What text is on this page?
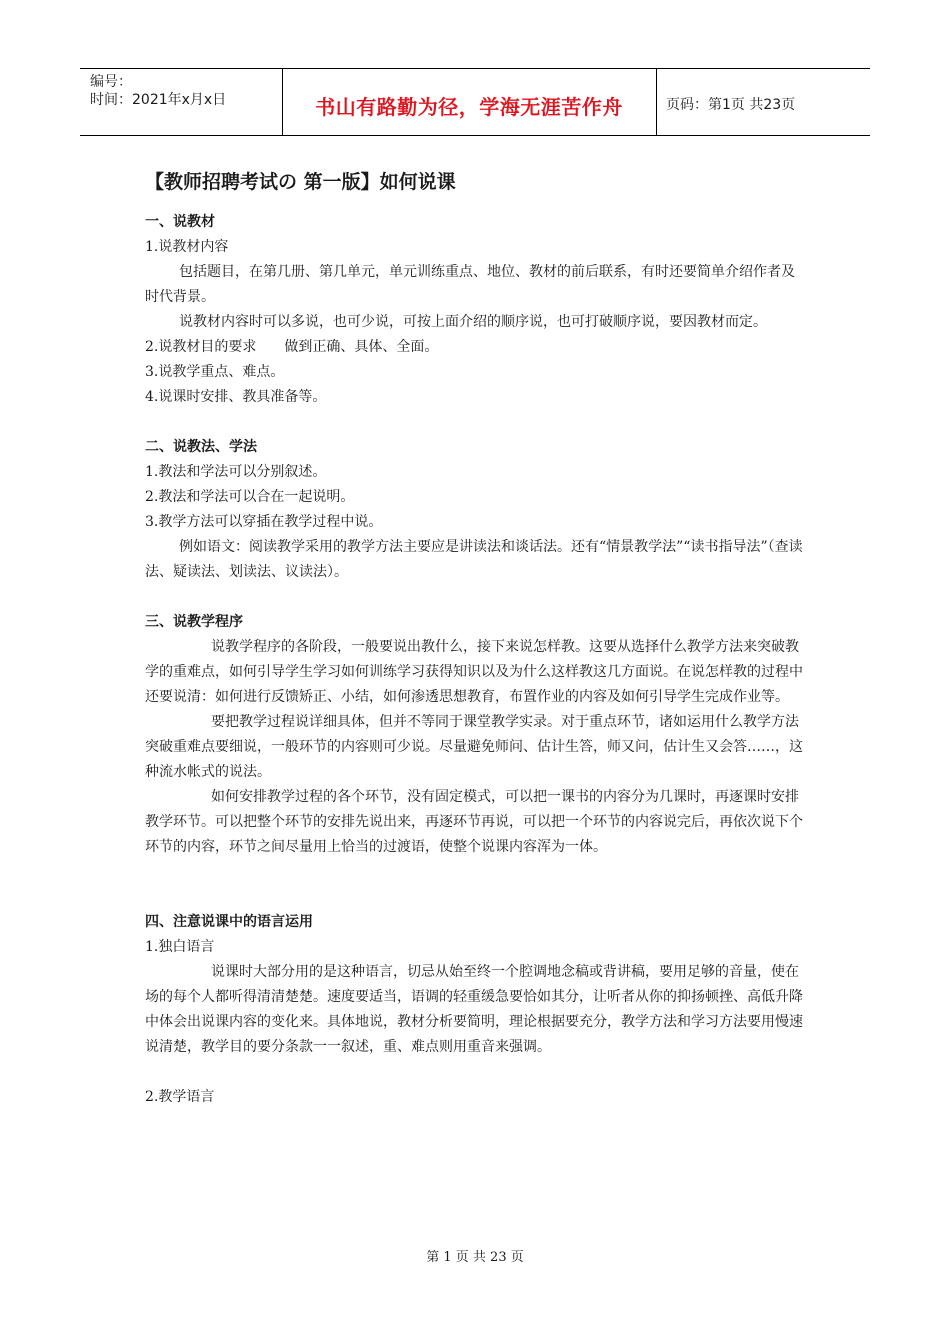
编号：
时间：2021年x月x日	书山有路勤为径，学海无涯苦作舟	页码：第1页 共23页
【教师招聘考试の 第一版】如何说课
一、说教材
1.说教材内容
包括题目，在第几册、第几单元，单元训练重点、地位、教材的前后联系，有时还要简单介绍作者及时代背景。
说教材内容时可以多说，也可少说，可按上面介绍的顺序说，也可打破顺序说，要因教材而定。
2.说教材目的要求　　做到正确、具体、全面。
3.说教学重点、难点。
4.说课时安排、教具准备等。
二、说教法、学法
1.教法和学法可以分别叙述。
2.教法和学法可以合在一起说明。
3.教学方法可以穿插在教学过程中说。
例如语文：阅读教学采用的教学方法主要应是讲读法和谈话法。还有“情景教学法”“读书指导法”（查读法、疑读法、划读法、议读法）。
三、说教学程序
说教学程序的各阶段，一般要说出教什么，接下来说怎样教。这要从选择什么教学方法来突破教学的重难点，如何引导学生学习如何训练学习获得知识以及为什么这样教这几方面说。在说怎样教的过程中还要说清：如何进行反馈矫正、小结，如何渗透思想教育，布置作业的内容及如何引导学生完成作业等。
要把教学过程说详细具体，但并不等同于课堂教学实录。对于重点环节，诸如运用什么教学方法突破重难点要细说，一般环节的内容则可少说。尽量避免师问、估计生答，师又问，估计生又会答……，这种流水帐式的说法。
如何安排教学过程的各个环节，没有固定模式，可以把一课书的内容分为几课时，再逐课时安排教学环节。可以把整个环节的安排先说出来，再逐环节再说，可以把一个环节的内容说完后，再依次说下个环节的内容，环节之间尽量用上恰当的过渡语，使整个说课内容浑为一体。
四、注意说课中的语言运用
1.独白语言
说课时大部分用的是这种语言，切忌从始至终一个腔调地念稿或背讲稿，要用足够的音量，使在场的每个人都听得清清楚楚。速度要适当，语调的轻重缓急要恰如其分，让听者从你的抑扬顿挫、高低升降中体会出说课内容的变化来。具体地说，教材分析要简明，理论根据要充分，教学方法和学习方法要用慢速说清楚，教学目的要分条款一一叙述，重、难点则用重音来强调。
2.教学语言
第 1 页 共 23 页
